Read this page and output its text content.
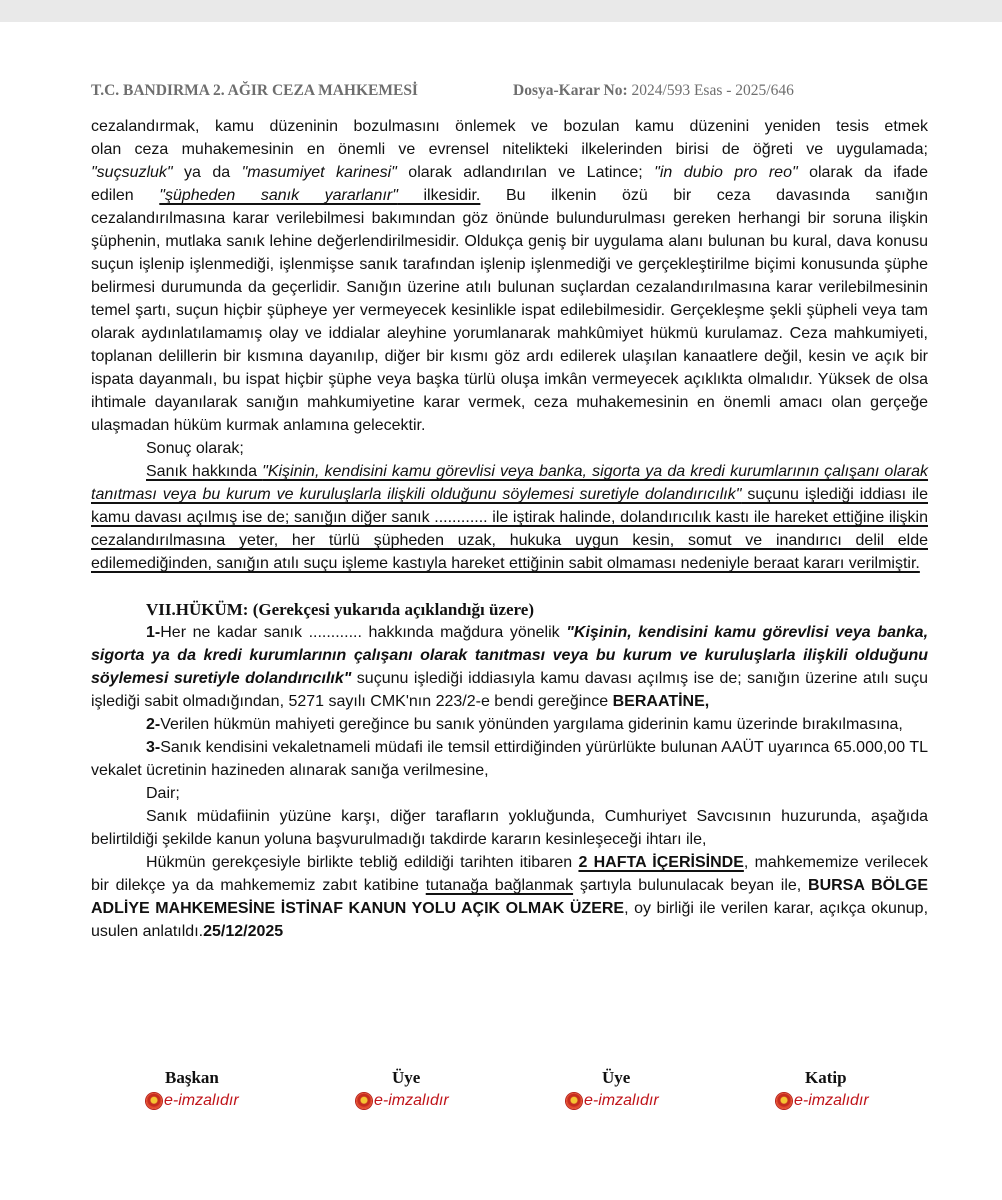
T.C. BANDIRMA 2. AĞIR CEZA MAHKEMESİ	Dosya-Karar No: 2024/593 Esas - 2025/646
cezalandırmak, kamu düzeninin bozulmasını önlemek ve bozulan kamu düzenini yeniden tesis etmek
olan ceza muhakemesinin en önemli ve evrensel nitelikteki ilkelerinden birisi de öğreti ve uygulamada;
"suçsuzluk" ya da "masumiyet karinesi" olarak adlandırılan ve Latince; "in dubio pro reo" olarak da ifade
edilen "şüpheden sanık yararlanır" ilkesidir. Bu ilkenin özü bir ceza davasında sanığın

cezalandırılmasına karar verilebilmesi bakımından göz önünde bulundurulması gereken herhangi bir soruna ilişkin şüphenin, mutlaka sanık lehine değerlendirilmesidir. Oldukça geniş bir uygulama alanı bulunan bu kural, dava konusu suçun işlenip işlenmediği, işlenmişse sanık tarafından işlenip işlenmediği ve gerçekleştirilme biçimi konusunda şüphe belirmesi durumunda da geçerlidir. Sanığın üzerine atılı bulunan suçlardan cezalandırılmasına karar verilebilmesinin temel şartı, suçun hiçbir şüpheye yer vermeyecek kesinlikle ispat edilebilmesidir. Gerçekleşme şekli şüpheli veya tam olarak aydınlatılamamış olay ve iddialar aleyhine yorumlanarak mahkûmiyet hükmü kurulamaz. Ceza mahkumiyeti, toplanan delillerin bir kısmına dayanılıp, diğer bir kısmı göz ardı edilerek ulaşılan kanaatlere değil, kesin ve açık bir ispata dayanmalı, bu ispat hiçbir şüphe veya başka türlü oluşa imkân vermeyecek açıklıkta olmalıdır. Yüksek de olsa ihtimale dayanılarak sanığın mahkumiyetine karar vermek, ceza muhakemesinin en önemli amacı olan gerçeğe ulaşmadan hüküm kurmak anlamına gelecektir.

Sonuç olarak;

Sanık hakkında "Kişinin, kendisini kamu görevlisi veya banka, sigorta ya da kredi kurumlarının çalışanı olarak tanıtması veya bu kurum ve kuruluşlarla ilişkili olduğunu söylemesi suretiyle dolandırıcılık" suçunu işlediği iddiası ile kamu davası açılmış ise de; sanığın diğer sanık ............ ile iştirak halinde, dolandırıcılık kastı ile hareket ettiğine ilişkin cezalandırılmasına yeter, her türlü şüpheden uzak, hukuka uygun kesin, somut ve inandırıcı delil elde edilemediğinden, sanığın atılı suçu işleme kastıyla hareket ettiğinin sabit olmaması nedeniyle beraat kararı verilmiştir.

VII.HÜKÜM: (Gerekçesi yukarıda açıklandığı üzere)

1-Her ne kadar sanık ............ hakkında mağdura yönelik "Kişinin, kendisini kamu görevlisi veya banka, sigorta ya da kredi kurumlarının çalışanı olarak tanıtması veya bu kurum ve kuruluşlarla ilişkili olduğunu söylemesi suretiyle dolandırıcılık" suçunu işlediği iddiasıyla kamu davası açılmış ise de; sanığın üzerine atılı suçu işlediği sabit olmadığından, 5271 sayılı CMK'nın 223/2-e bendi gereğince BERAATİNE,

2-Verilen hükmün mahiyeti gereğince bu sanık yönünden yargılama giderinin kamu üzerinde bırakılmasına,

3-Sanık kendisini vekaletnameli müdafi ile temsil ettirdiğinden yürürlükte bulunan AAÜT uyarınca 65.000,00 TL vekalet ücretinin hazineden alınarak sanığa verilmesine,

Dair;

Sanık müdafiinin yüzüne karşı, diğer tarafların yokluğunda, Cumhuriyet Savcısının huzurunda, aşağıda belirtildiği şekilde kanun yoluna başvurulmadığı takdirde kararın kesinleşeceği ihtarı ile,

Hükmün gerekçesiyle birlikte tebliğ edildiği tarihten itibaren 2 HAFTA İÇERİSİNDE, mahkememize verilecek bir dilekçe ya da mahkememiz zabıt katibine tutanağa bağlanmak şartıyla bulunulacak beyan ile, BURSA BÖLGE ADLİYE MAHKEMESİNE İSTİNAF KANUN YOLU AÇIK OLMAK ÜZERE, oy birliği ile verilen karar, açıkça okunup, usulen anlatıldı.25/12/2025

Başkan
e-imzalıdır
Üye
e-imzalıdır
Üye
e-imzalıdır
Katip
e-imzalıdır
